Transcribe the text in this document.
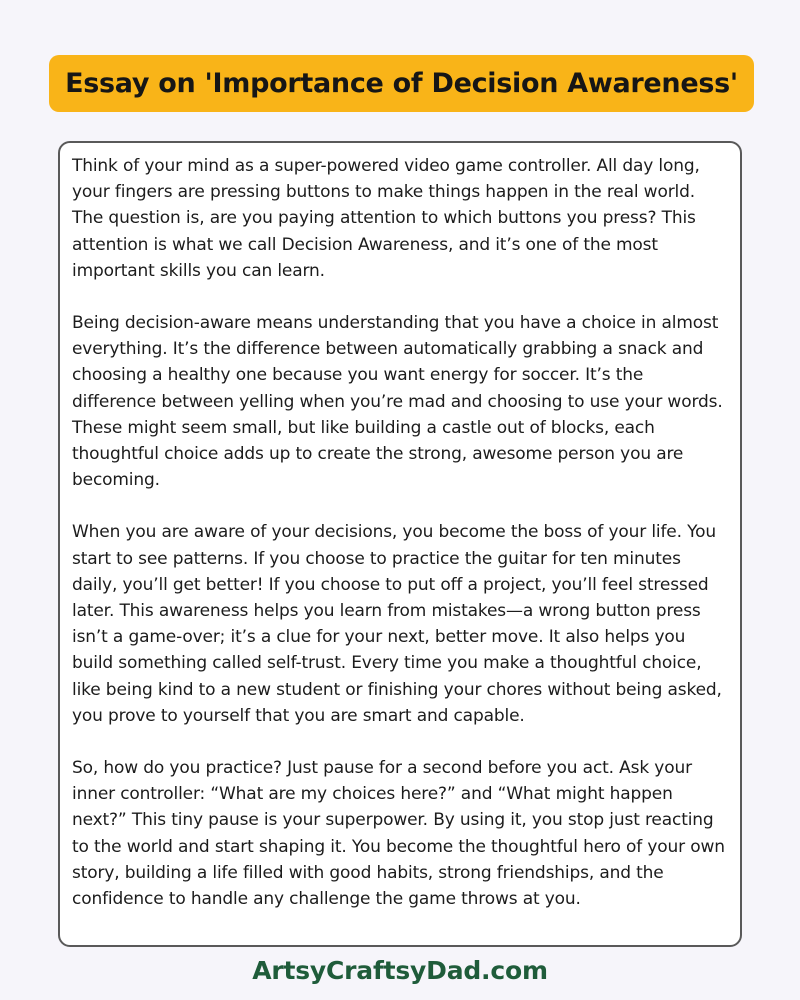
Essay on 'Importance of Decision Awareness'

Think of your mind as a super-powered video game controller. All day long, your fingers are pressing buttons to make things happen in the real world. The question is, are you paying attention to which buttons you press? This attention is what we call Decision Awareness, and it’s one of the most important skills you can learn.

Being decision-aware means understanding that you have a choice in almost everything. It’s the difference between automatically grabbing a snack and choosing a healthy one because you want energy for soccer. It’s the difference between yelling when you’re mad and choosing to use your words. These might seem small, but like building a castle out of blocks, each thoughtful choice adds up to create the strong, awesome person you are becoming.

When you are aware of your decisions, you become the boss of your life. You start to see patterns. If you choose to practice the guitar for ten minutes daily, you’ll get better! If you choose to put off a project, you’ll feel stressed later. This awareness helps you learn from mistakes—a wrong button press isn’t a game-over; it’s a clue for your next, better move. It also helps you build something called self-trust. Every time you make a thoughtful choice, like being kind to a new student or finishing your chores without being asked, you prove to yourself that you are smart and capable.

So, how do you practice? Just pause for a second before you act. Ask your inner controller: “What are my choices here?” and “What might happen next?” This tiny pause is your superpower. By using it, you stop just reacting to the world and start shaping it. You become the thoughtful hero of your own story, building a life filled with good habits, strong friendships, and the confidence to handle any challenge the game throws at you.

ArtsyCraftsyDad.com
